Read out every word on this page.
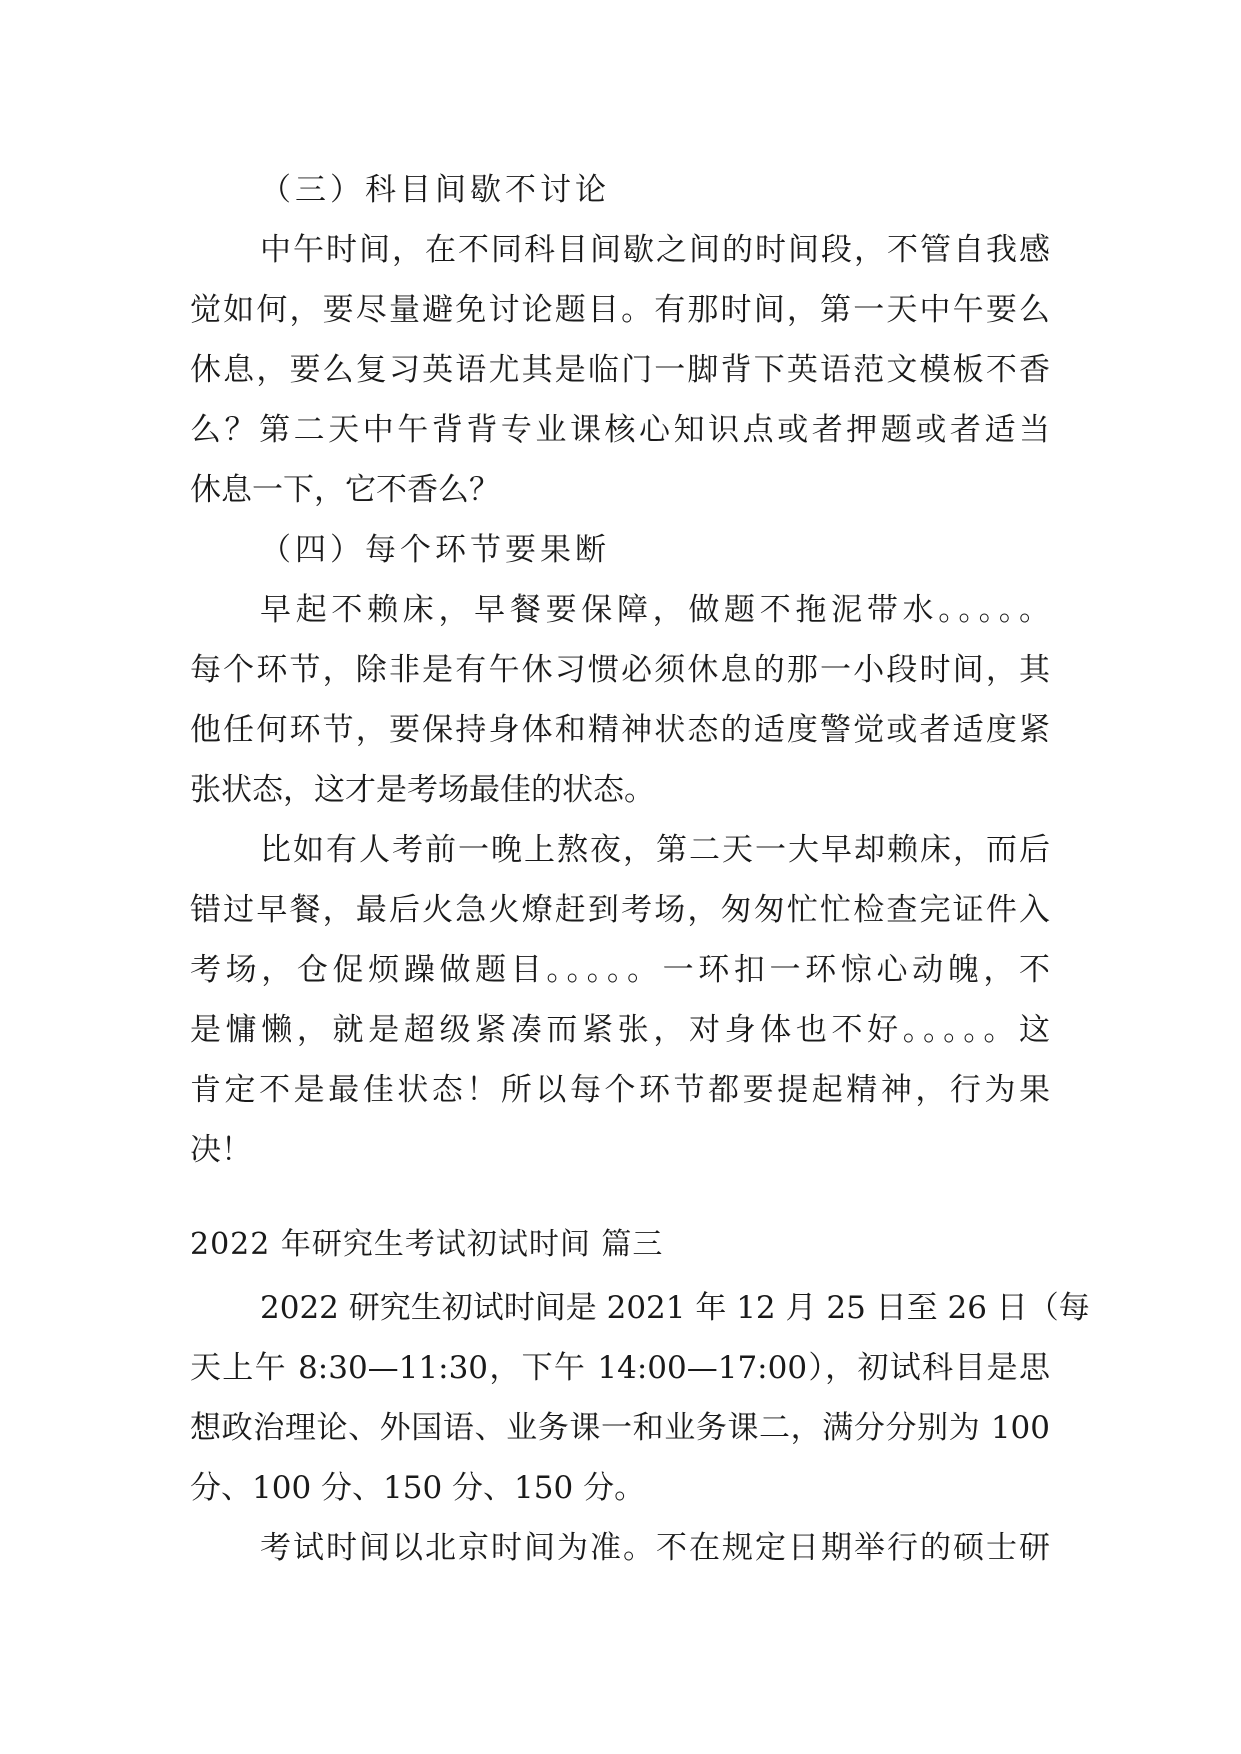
（三）科目间歇不讨论
中午时间，在不同科目间歇之间的时间段，不管自我感
觉如何，要尽量避免讨论题目。有那时间，第一天中午要么
休息，要么复习英语尤其是临门一脚背下英语范文模板不香
么？第二天中午背背专业课核心知识点或者押题或者适当
休息一下，它不香么？
（四）每个环节要果断
早起不赖床，早餐要保障，做题不拖泥带水。。。。。
每个环节，除非是有午休习惯必须休息的那一小段时间，其
他任何环节，要保持身体和精神状态的适度警觉或者适度紧
张状态，这才是考场最佳的状态。
比如有人考前一晚上熬夜，第二天一大早却赖床，而后
错过早餐，最后火急火燎赶到考场，匆匆忙忙检查完证件入
考场，仓促烦躁做题目。。。。。一环扣一环惊心动魄，不
是慵懒，就是超级紧凑而紧张，对身体也不好。。。。。这
肯定不是最佳状态！所以每个环节都要提起精神，行为果
决！
2022 年研究生考试初试时间 篇三
2022 研究生初试时间是 2021 年 12 月 25 日至 26 日（每
天上午 8:30—11:30，下午 14:00—17:00），初试科目是思
想政治理论、外国语、业务课一和业务课二，满分分别为 100
分、100 分、150 分、150 分。
考试时间以北京时间为准。不在规定日期举行的硕士研
